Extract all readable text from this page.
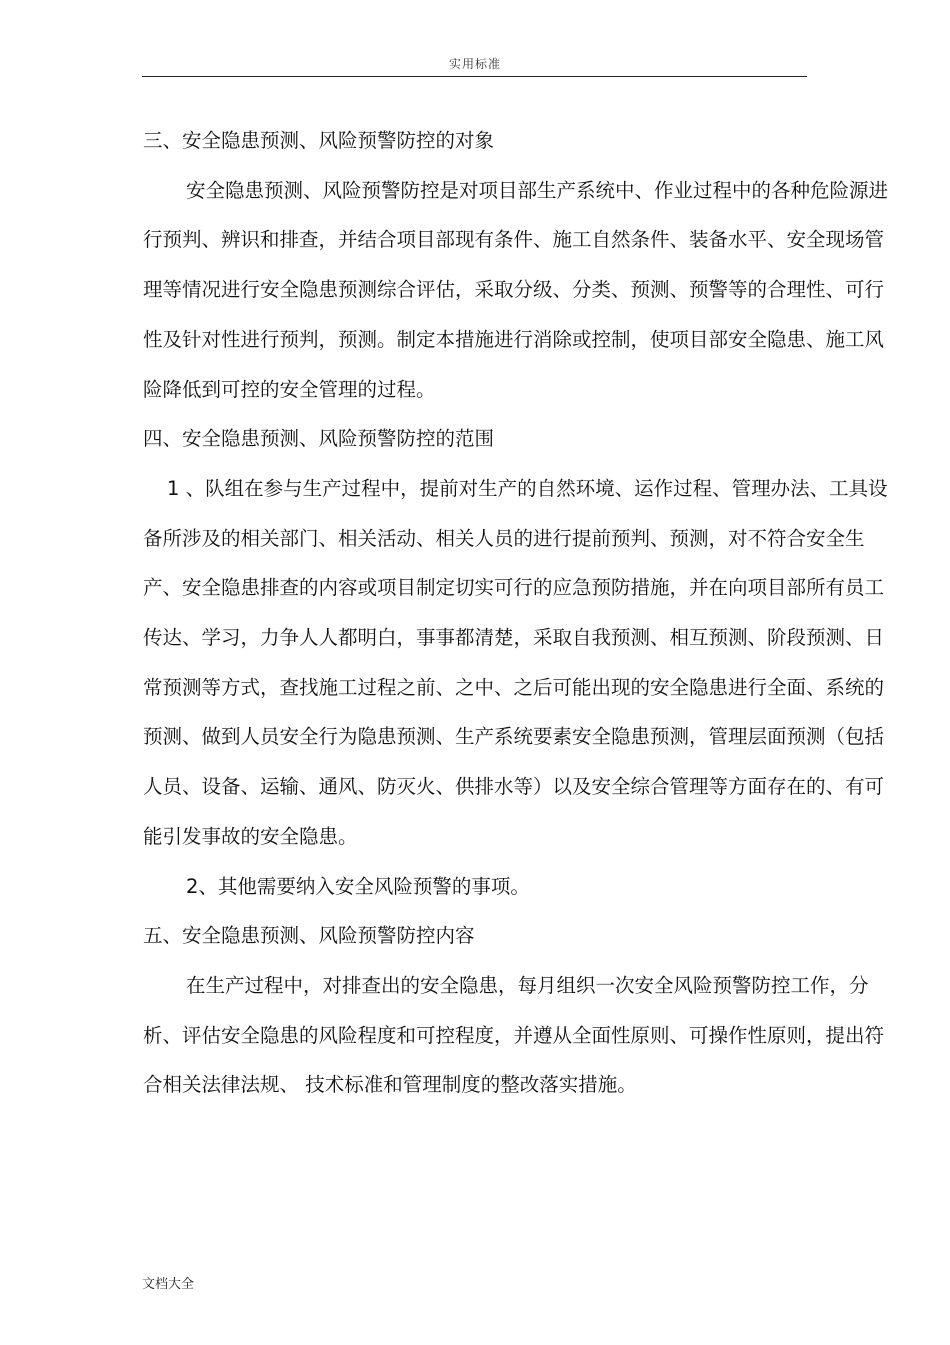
实用标准

三、安全隐患预测、风险预警防控的对象

安全隐患预测、风险预警防控是对项目部生产系统中、作业过程中的各种危险源进行预判、辨识和排查，并结合项目部现有条件、施工自然条件、装备水平、安全现场管理等情况进行安全隐患预测综合评估，采取分级、分类、预测、预警等的合理性、可行性及针对性进行预判，预测。制定本措施进行消除或控制，使项目部安全隐患、施工风险降低到可控的安全管理的过程。

四、安全隐患预测、风险预警防控的范围

1 、队组在参与生产过程中，提前对生产的自然环境、运作过程、管理办法、工具设备所涉及的相关部门、相关活动、相关人员的进行提前预判、预测，对不符合安全生产、安全隐患排查的内容或项目制定切实可行的应急预防措施，并在向项目部所有员工传达、学习，力争人人都明白，事事都清楚，采取自我预测、相互预测、阶段预测、日常预测等方式，查找施工过程之前、之中、之后可能出现的安全隐患进行全面、系统的预测、做到人员安全行为隐患预测、生产系统要素安全隐患预测，管理层面预测（包括人员、设备、运输、通风、防灭火、供排水等）以及安全综合管理等方面存在的、有可能引发事故的安全隐患。

2、其他需要纳入安全风险预警的事项。

五、安全隐患预测、风险预警防控内容

在生产过程中，对排查出的安全隐患，每月组织一次安全风险预警防控工作，分析、评估安全隐患的风险程度和可控程度，并遵从全面性原则、可操作性原则，提出符合相关法律法规、 技术标准和管理制度的整改落实措施。

文档大全
